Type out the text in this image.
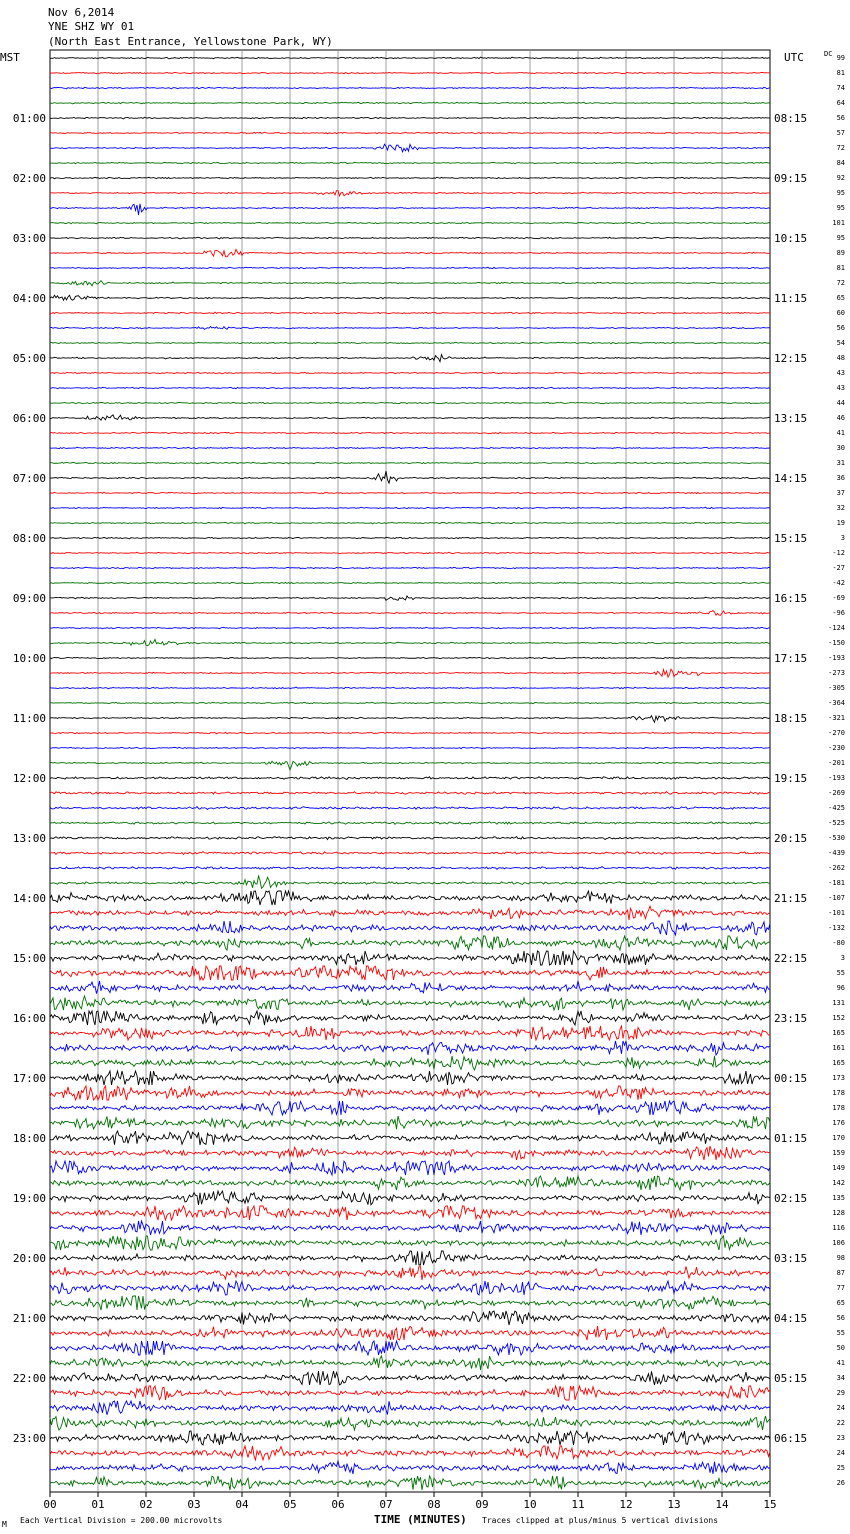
Nov 6,2014
YNE SHZ WY 01
(North East Entrance, Yellowstone Park, WY)
MST	UTC	DC 99
81
74
64
01:00	08:15	56
57
72
84
02:00	09:15	92
95
95
101
03:00	10:15	95
89
81
72
04:00	11:15	65
60
56
54
05:00	12:15	48
43
43
44
06:00	13:15	46
41
30
31
07:00	14:15	36
37
32
19
08:00	15:15	3
-12
-27
-42
09:00	16:15	-69
-96
-124
-150
10:00	17:15	-193
-273
-305
-364
11:00	18:15	-321
-270
-230
-201
12:00	19:15	-193
-269
-425
-525
13:00	20:15	-530
-439
-262
-181
14:00	21:15	-107
-101
-132
-80
15:00	22:15	3
55
96
131
16:00	23:15	152
165
161
165
17:00	00:15	173
178
178
176
18:00	01:15	170
159
149
142
19:00	02:15	135
128
116
106
20:00	03:15	98
87
77
65
21:00	04:15	56
55
50
41
22:00	05:15	34
29
24
22
23:00	06:15	23
24
25
26
00	01	02	03	04	05	06	07	08	09	10	11	12	13	14	15
M Each Vertical Division = 200.00 microvolts	TIME (MINUTES) Traces clipped at plus/minus 5 vertical divisions
